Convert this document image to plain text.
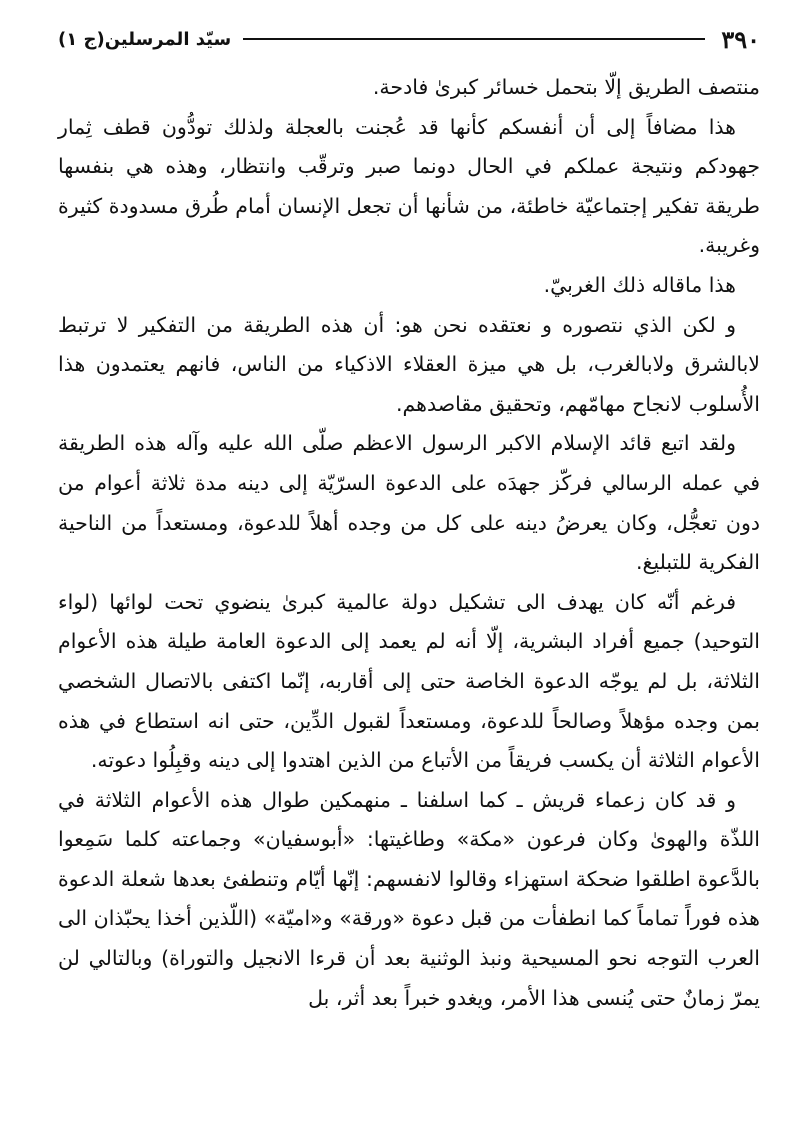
٣٩٠
سيّد المرسلين(ج ١)

منتصف الطريق إلّا بتحمل خسائر كبرىٰ فادحة.

هذا مضافاً إلى أن أنفسكم كأنها قد عُجنت بالعجلة ولذلك تودُّون قطف ثِمار جهودكم ونتيجة عملكم في الحال دونما صبر وترقّب وانتظار، وهذه هي بنفسها طريقة تفكير إجتماعيّة خاطئة، من شأنها أن تجعل الإنسان أمام طُرق مسدودة كثيرة وغريبة.

هذا ماقاله ذلك الغربيّ.

و لكن الذي نتصوره و نعتقده نحن هو: أن هذه الطريقة من التفكير لا ترتبط لابالشرق ولابالغرب، بل هي ميزة العقلاء الاذكياء من الناس، فانهم يعتمدون هذا الأُسلوب لانجاح مهامّهم، وتحقيق مقاصدهم.

ولقد اتبع قائد الإسلام الاكبر الرسول الاعظم صلّى الله عليه وآله هذه الطريقة في عمله الرسالي فركّز جهدَه على الدعوة السرّيّة إلى دينه مدة ثلاثة أعوام من دون تعجُّل، وكان يعرضُ دينه على كل من وجده أهلاً للدعوة، ومستعداً من الناحية الفكرية للتبليغ.

فرغم أنّه كان يهدف الى تشكيل دولة عالمية كبرىٰ ينضوي تحت لوائها (لواء التوحيد) جميع أفراد البشرية، إلّا أنه لم يعمد إلى الدعوة العامة طيلة هذه الأعوام الثلاثة، بل لم يوجّه الدعوة الخاصة حتى إلى أقاربه، إنّما اكتفى بالاتصال الشخصي بمن وجده مؤهلاً وصالحاً للدعوة، ومستعداً لقبول الدِّين، حتى انه استطاع في هذه الأعوام الثلاثة أن يكسب فريقاً من الأتباع من الذين اهتدوا إلى دينه وقبِلُوا دعوته.

و قد كان زعماء قريش ـ كما اسلفنا ـ منهمكين طوال هذه الأعوام الثلاثة في اللذّة والهوىٰ وكان فرعون «مكة» وطاغيتها: «أبوسفيان» وجماعته كلما سَمِعوا بالدَّعوة اطلقوا ضحكة استهزاء وقالوا لانفسهم: إنّها أيّام وتنطفئ بعدها شعلة الدعوة هذه فوراً تماماً كما انطفأت من قبل دعوة «ورقة» و«اميّة» (اللّذين أخذا يحبّذان الى العرب التوجه نحو المسيحية ونبذ الوثنية بعد أن قرءا الانجيل والتوراة) وبالتالي لن يمرّ زمانٌ حتى يُنسى هذا الأمر، ويغدو خبراً بعد أثر، بل
